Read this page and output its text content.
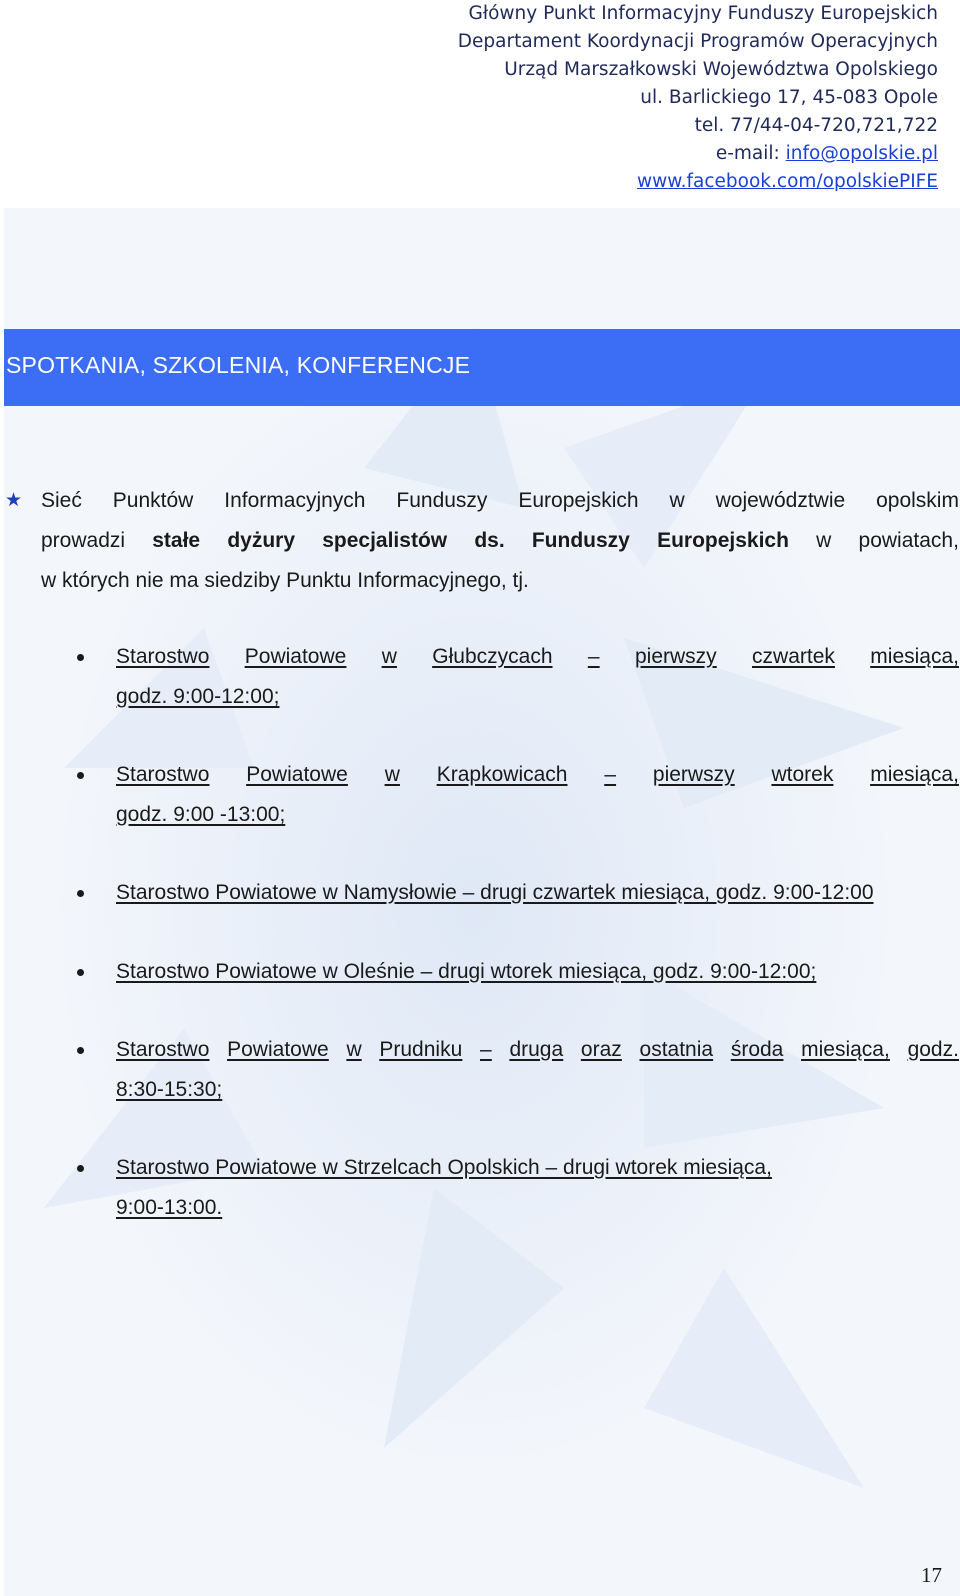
Główny Punkt Informacyjny Funduszy Europejskich
Departament Koordynacji Programów Operacyjnych
Urząd Marszałkowski Województwa Opolskiego
ul. Barlickiego 17, 45-083 Opole
tel. 77/44-04-720,721,722
e-mail: info@opolskie.pl
www.facebook.com/opolskiePIFE
SPOTKANIA, SZKOLENIA, KONFERENCJE
★ Sieć Punktów Informacyjnych Funduszy Europejskich w województwie opolskim
prowadzi stałe dyżury specjalistów ds. Funduszy Europejskich w powiatach,
w których nie ma siedziby Punktu Informacyjnego, tj.
Starostwo Powiatowe w Głubczycach – pierwszy czwartek miesiąca,
godz. 9:00-12:00;
Starostwo Powiatowe w Krapkowicach – pierwszy wtorek miesiąca,
godz. 9:00 -13:00;
Starostwo Powiatowe w Namysłowie – drugi czwartek miesiąca, godz. 9:00-12:00
Starostwo Powiatowe w Oleśnie – drugi wtorek miesiąca, godz. 9:00-12:00;
Starostwo Powiatowe w Prudniku – druga oraz ostatnia środa miesiąca, godz.
8:30-15:30;
Starostwo Powiatowe w Strzelcach Opolskich – drugi wtorek miesiąca,
9:00-13:00.
17
